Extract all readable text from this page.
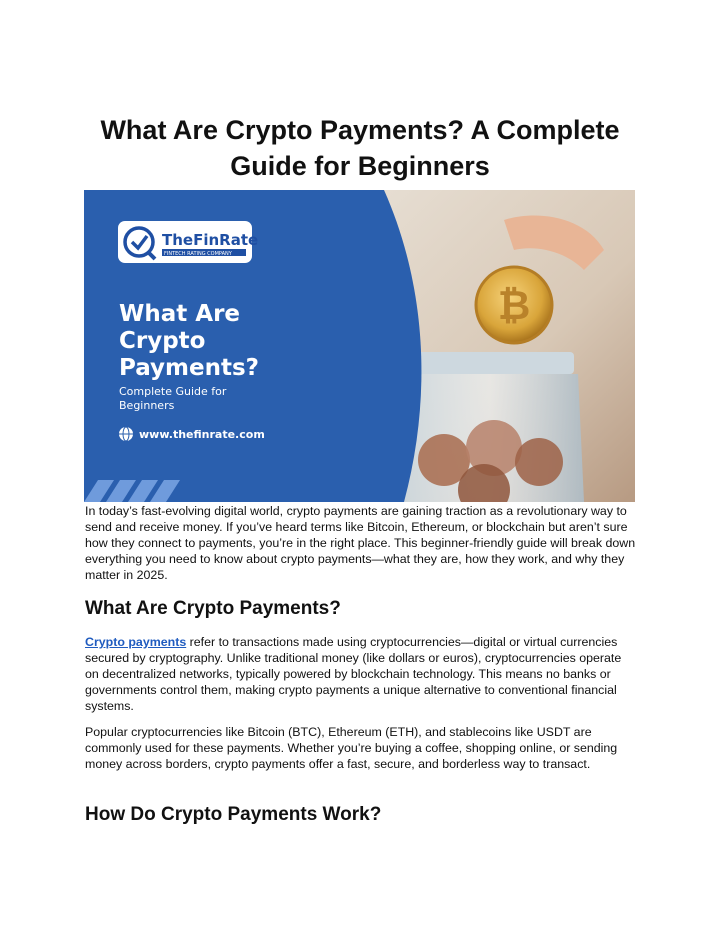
What Are Crypto Payments? A Complete Guide for Beginners
₿
TheFinRate
FINTECH RATING COMPANY
What Are
Crypto
Payments?
Complete Guide for
Beginners
www.thefinrate.com

In today’s fast-evolving digital world, crypto payments are gaining traction as a revolutionary way to send and receive money. If you’ve heard terms like Bitcoin, Ethereum, or blockchain but aren’t sure how they connect to payments, you’re in the right place. This beginner-friendly guide will break down everything you need to know about crypto payments—what they are, how they work, and why they matter in 2025.

What Are Crypto Payments?

Crypto payments refer to transactions made using cryptocurrencies—digital or virtual currencies secured by cryptography. Unlike traditional money (like dollars or euros), cryptocurrencies operate on decentralized networks, typically powered by blockchain technology. This means no banks or governments control them, making crypto payments a unique alternative to conventional financial systems.

Popular cryptocurrencies like Bitcoin (BTC), Ethereum (ETH), and stablecoins like USDT are commonly used for these payments. Whether you’re buying a coffee, shopping online, or sending money across borders, crypto payments offer a fast, secure, and borderless way to transact.

How Do Crypto Payments Work?
